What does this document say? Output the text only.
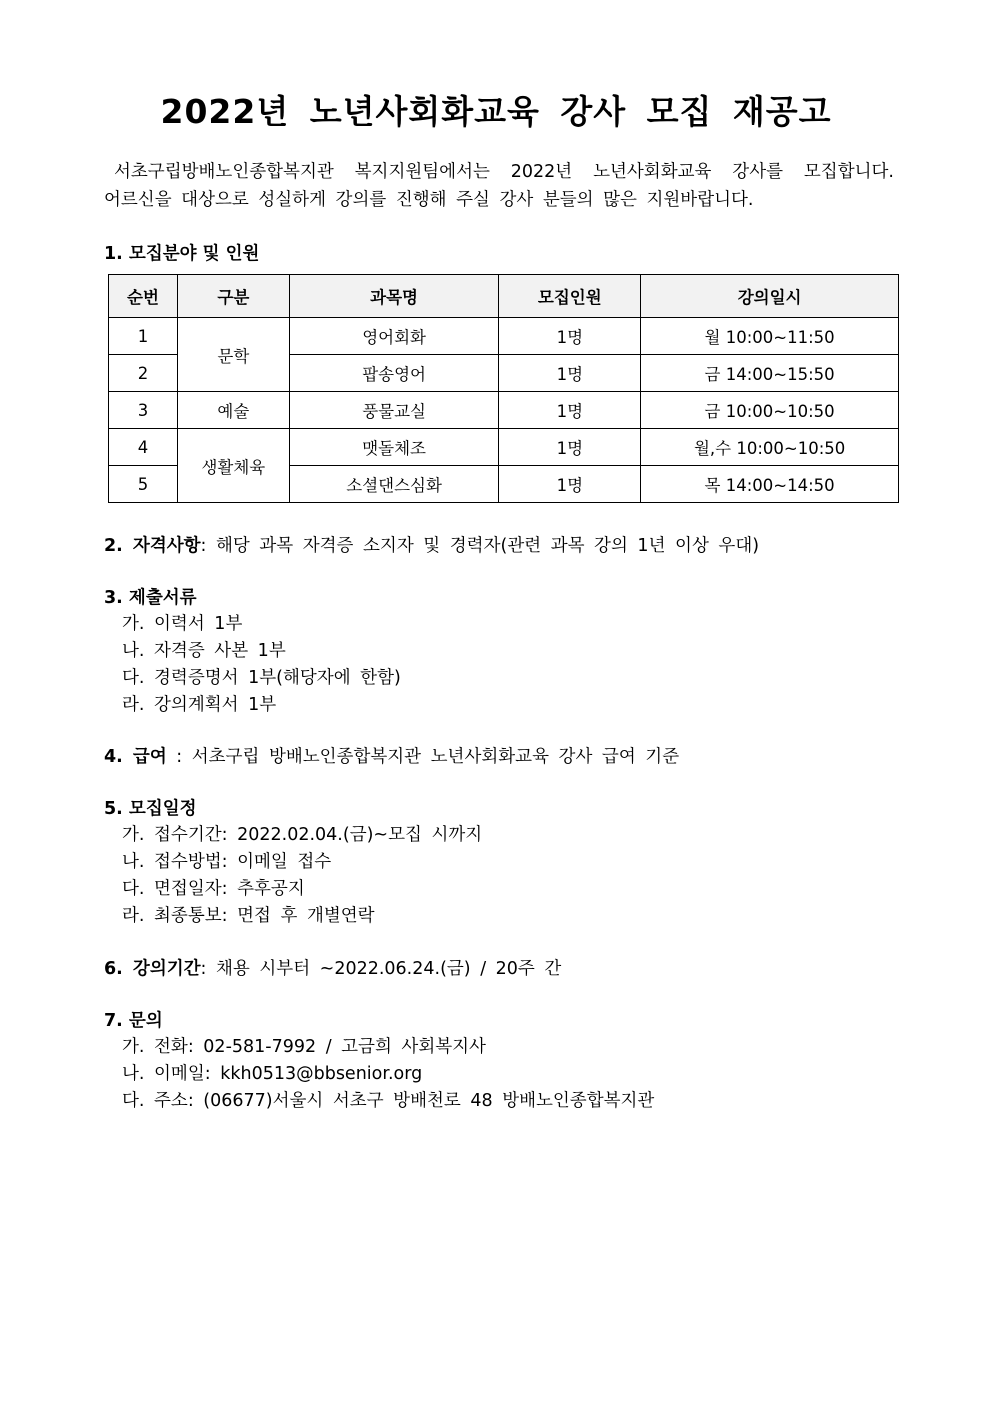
2022년 노년사회화교육 강사 모집 재공고
서초구립방배노인종합복지관 복지지원팀에서는 2022년 노년사회화교육 강사를 모집합니다.
어르신을 대상으로 성실하게 강의를 진행해 주실 강사 분들의 많은 지원바랍니다.
1. 모집분야 및 인원
순번	구분	과목명	모집인원	강의일시
1	문학	영어회화	1명	월 10:00~11:50
2		팝송영어	1명	금 14:00~15:50
3	예술	풍물교실	1명	금 10:00~10:50
4	생활체육	맷돌체조	1명	월,수 10:00~10:50
5		소셜댄스심화	1명	목 14:00~14:50
2. 자격사항: 해당 과목 자격증 소지자 및 경력자(관련 과목 강의 1년 이상 우대)
3. 제출서류
가. 이력서 1부
나. 자격증 사본 1부
다. 경력증명서 1부(해당자에 한함)
라. 강의계획서 1부
4. 급여 : 서초구립 방배노인종합복지관 노년사회화교육 강사 급여 기준
5. 모집일정
가. 접수기간: 2022.02.04.(금)~모집 시까지
나. 접수방법: 이메일 접수
다. 면접일자: 추후공지
라. 최종통보: 면접 후 개별연락
6. 강의기간: 채용 시부터 ~2022.06.24.(금) / 20주 간
7. 문의
가. 전화: 02-581-7992 / 고금희 사회복지사
나. 이메일: kkh0513@bbsenior.org
다. 주소: (06677)서울시 서초구 방배천로 48 방배노인종합복지관
